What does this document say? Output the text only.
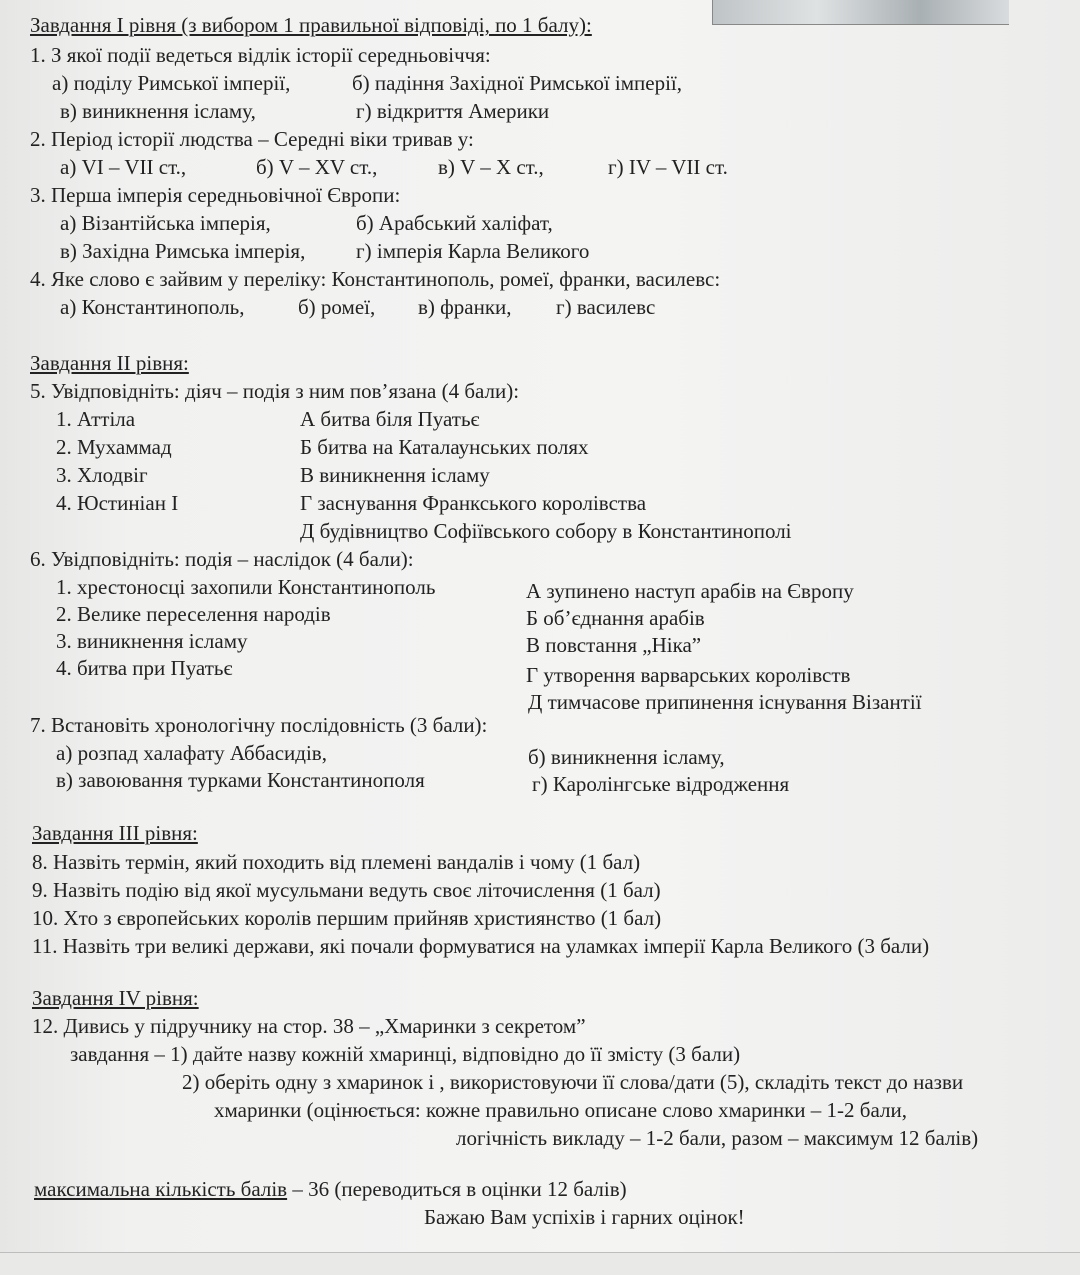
Завдання І рівня (з вибором 1 правильної відповіді, по 1 балу):
1. З якої події ведеться відлік історії середньовіччя:
а) поділу Римської імперії,	б) падіння Західної Римської імперії,
в) виникнення ісламу,	г) відкриття Америки
2. Період історії людства – Середні віки тривав у:
а) VI – VII ст.,	б) V – XV ст.,	в) V – X ст.,	г) IV – VII ст.
3. Перша імперія середньовічної Європи:
а) Візантійська імперія,	б) Арабський халіфат,
в) Західна Римська імперія, г) імперія Карла Великого
4. Яке слово є зайвим у переліку: Константинополь, ромеї, франки, василевс:
а) Константинополь,	б) ромеї, в) франки, г) василевс
Завдання ІІ рівня:
5. Увідповідніть: діяч – подія з ним пов’язана (4 бали):
1. Аттіла	А битва біля Пуатьє
2. Мухаммад	Б битва на Каталаунських полях
3. Хлодвіг	В виникнення ісламу
4. Юстиніан І	Г заснування Франкського королівства
Д будівництво Софіївського собору в Константинополі
6. Увідповідніть: подія – наслідок (4 бали):
1. хрестоносці захопили Константинополь	А зупинено наступ арабів на Європу
2. Велике переселення народів	Б об’єднання арабів
3. виникнення ісламу	В повстання „Ніка”
4. битва при Пуатьє	Г утворення варварських королівств
Д тимчасове припинення існування Візантії
7. Встановіть хронологічну послідовність (3 бали):
а) розпад халафату Аббасидів,	б) виникнення ісламу,
в) завоювання турками Константинополя	г) Каролінгське відродження
Завдання ІІІ рівня:
8. Назвіть термін, який походить від племені вандалів і чому (1 бал)
9. Назвіть подію від якої мусульмани ведуть своє літочислення (1 бал)
10. Хто з європейських королів першим прийняв християнство (1 бал)
11. Назвіть три великі держави, які почали формуватися на уламках імперії Карла Великого (3 бали)
Завдання ІV рівня:
12. Дивись у підручнику на стор. 38 – „Хмаринки з секретом”
завдання – 1) дайте назву кожній хмаринці, відповідно до її змісту (3 бали)
2) оберіть одну з хмаринок і , використовуючи її слова/дати (5), складіть текст до назви
хмаринки (оцінюється: кожне правильно описане слово хмаринки – 1-2 бали,
логічність викладу – 1-2 бали, разом – максимум 12 балів)
максимальна кількість балів – 36 (переводиться в оцінки 12 балів)
Бажаю Вам успіхів і гарних оцінок!
